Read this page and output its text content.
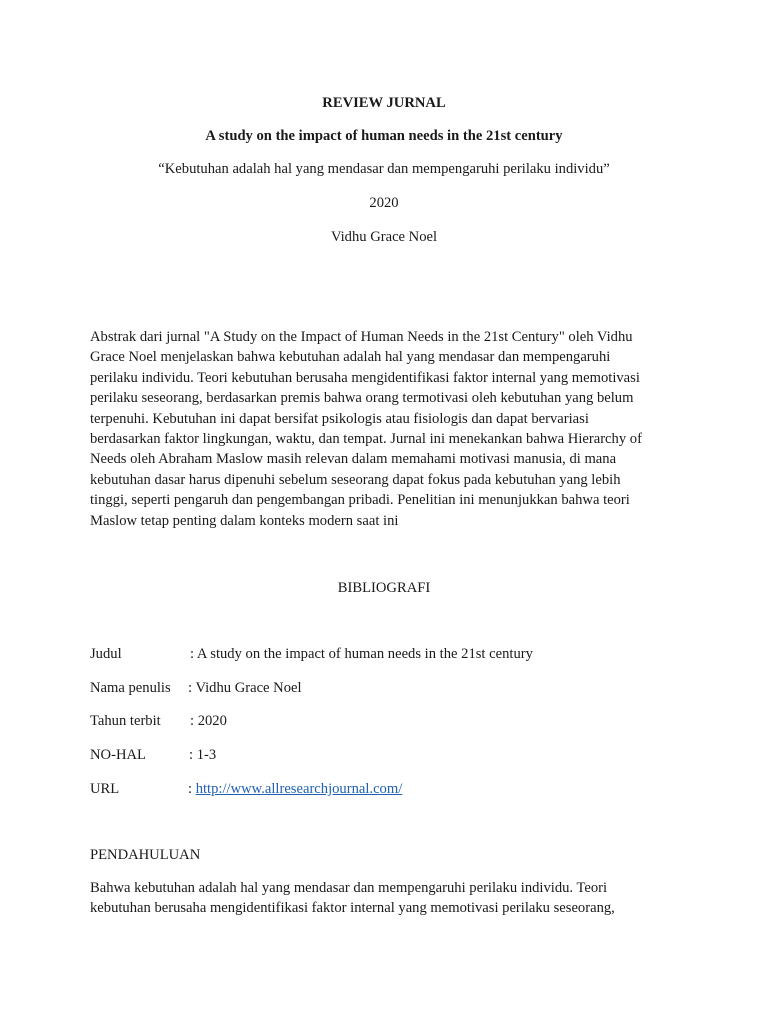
REVIEW JURNAL
A study on the impact of human needs in the 21st century
“Kebutuhan adalah hal yang mendasar dan mempengaruhi perilaku individu”
2020
Vidhu Grace Noel
Abstrak dari jurnal "A Study on the Impact of Human Needs in the 21st Century" oleh Vidhu
Grace Noel menjelaskan bahwa kebutuhan adalah hal yang mendasar dan mempengaruhi
perilaku individu. Teori kebutuhan berusaha mengidentifikasi faktor internal yang memotivasi
perilaku seseorang, berdasarkan premis bahwa orang termotivasi oleh kebutuhan yang belum
terpenuhi. Kebutuhan ini dapat bersifat psikologis atau fisiologis dan dapat bervariasi
berdasarkan faktor lingkungan, waktu, dan tempat. Jurnal ini menekankan bahwa Hierarchy of
Needs oleh Abraham Maslow masih relevan dalam memahami motivasi manusia, di mana
kebutuhan dasar harus dipenuhi sebelum seseorang dapat fokus pada kebutuhan yang lebih
tinggi, seperti pengaruh dan pengembangan pribadi. Penelitian ini menunjukkan bahwa teori
Maslow tetap penting dalam konteks modern saat ini
BIBLIOGRAFI
Judul	: A study on the impact of human needs in the 21st century
Nama penulis : Vidhu Grace Noel
Tahun terbit : 2020
NO-HAL	: 1-3
URL	: http://www.allresearchjournal.com/
PENDAHULUAN
Bahwa kebutuhan adalah hal yang mendasar dan mempengaruhi perilaku individu. Teori
kebutuhan berusaha mengidentifikasi faktor internal yang memotivasi perilaku seseorang,
